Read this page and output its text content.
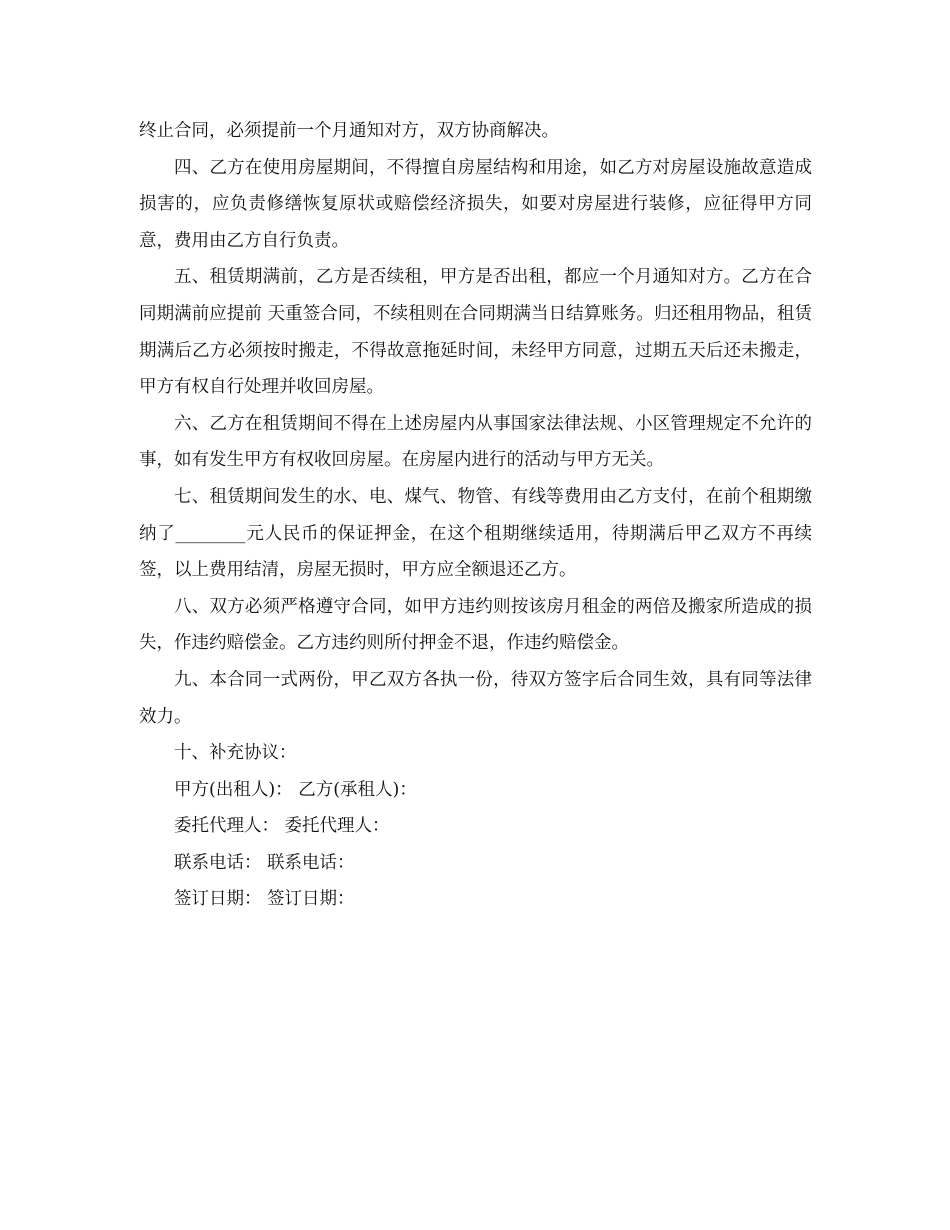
终止合同，必须提前一个月通知对方，双方协商解决。

四、乙方在使用房屋期间，不得擅自房屋结构和用途，如乙方对房屋设施故意造成损害的，应负责修缮恢复原状或赔偿经济损失，如要对房屋进行装修，应征得甲方同意，费用由乙方自行负责。

五、租赁期满前，乙方是否续租，甲方是否出租，都应一个月通知对方。乙方在合同期满前应提前 天重签合同，不续租则在合同期满当日结算账务。归还租用物品，租赁期满后乙方必须按时搬走，不得故意拖延时间，未经甲方同意，过期五天后还未搬走，甲方有权自行处理并收回房屋。

六、乙方在租赁期间不得在上述房屋内从事国家法律法规、小区管理规定不允许的事，如有发生甲方有权收回房屋。在房屋内进行的活动与甲方无关。

七、租赁期间发生的水、电、煤气、物管、有线等费用由乙方支付，在前个租期缴纳了________元人民币的保证押金，在这个租期继续适用，待期满后甲乙双方不再续签，以上费用结清，房屋无损时，甲方应全额退还乙方。

八、双方必须严格遵守合同，如甲方违约则按该房月租金的两倍及搬家所造成的损失，作违约赔偿金。乙方违约则所付押金不退，作违约赔偿金。

九、本合同一式两份，甲乙双方各执一份，待双方签字后合同生效，具有同等法律效力。

十、补充协议：

甲方(出租人)： 乙方(承租人)：

委托代理人： 委托代理人：

联系电话： 联系电话：

签订日期： 签订日期：
